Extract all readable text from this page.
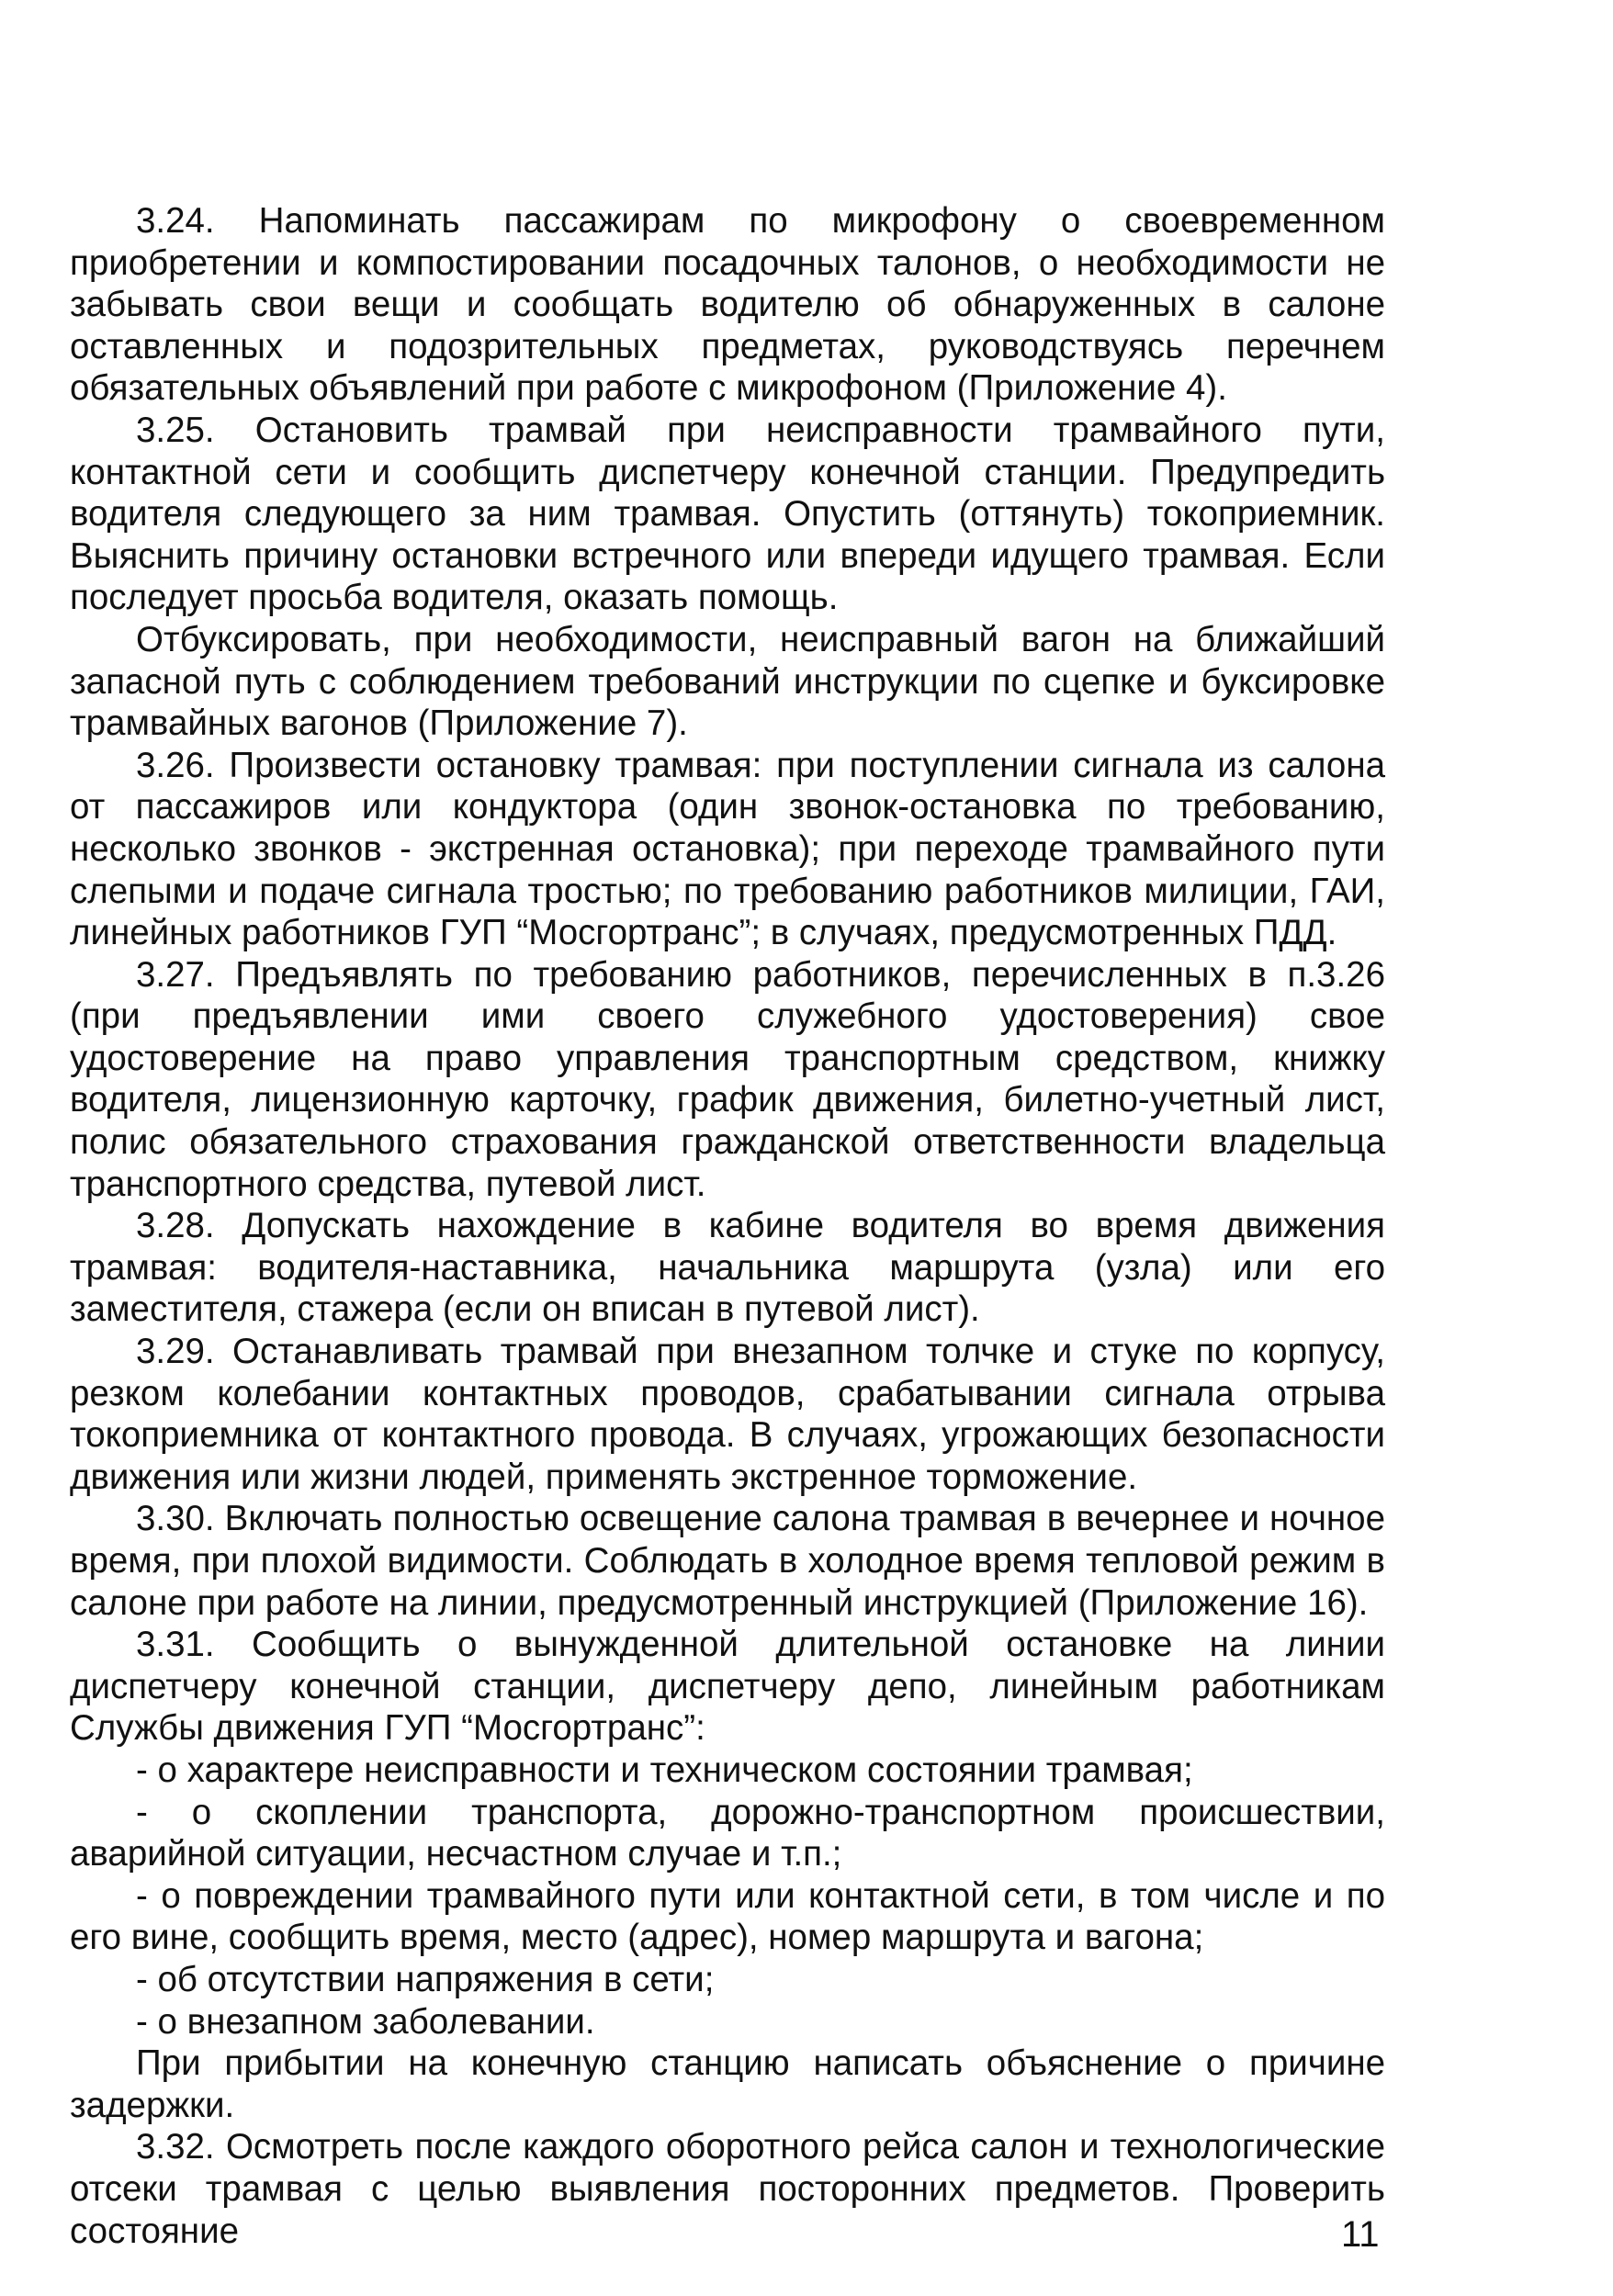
3.24. Напоминать пассажирам по микрофону о своевременном приобретении и компостировании посадочных талонов, о необходимости не забывать свои вещи и сообщать водителю об обнаруженных в салоне оставленных и подозрительных предметах, руководствуясь перечнем обязательных объявлений при работе с микрофоном (Приложение 4).

3.25. Остановить трамвай при неисправности трамвайного пути, контактной сети и сообщить диспетчеру конечной станции. Предупредить водителя следующего за ним трамвая. Опустить (оттянуть) токоприемник. Выяснить причину остановки встречного или впереди идущего трамвая. Если последует просьба водителя, оказать помощь.

Отбуксировать, при необходимости, неисправный вагон на ближайший запасной путь с соблюдением требований инструкции по сцепке и буксировке трамвайных вагонов (Приложение 7).

3.26. Произвести остановку трамвая: при поступлении сигнала из салона от пассажиров или кондуктора (один звонок-остановка по требованию, несколько звонков - экстренная остановка); при переходе трамвайного пути слепыми и подаче сигнала тростью; по требованию работников милиции, ГАИ, линейных работников ГУП “Мосгортранс”; в случаях, предусмотренных ПДД.

3.27. Предъявлять по требованию работников, перечисленных в п.3.26 (при предъявлении ими своего служебного удостоверения) свое удостоверение на право управления транспортным средством, книжку водителя, лицензионную карточку, график движения, билетно-учетный лист, полис обязательного страхования гражданской ответственности владельца транспортного средства, путевой лист.

3.28. Допускать нахождение в кабине водителя во время движения трамвая: водителя-наставника, начальника маршрута (узла) или его заместителя, стажера (если он вписан в путевой лист).

3.29. Останавливать трамвай при внезапном толчке и стуке по корпусу, резком колебании контактных проводов, срабатывании сигнала отрыва токоприемника от контактного провода. В случаях, угрожающих безопасности движения или жизни людей, применять экстренное торможение.

3.30. Включать полностью освещение салона трамвая в вечернее и ночное время, при плохой видимости. Соблюдать в холодное время тепловой режим в салоне при работе на линии, предусмотренный инструкцией (Приложение 16).

3.31. Сообщить о вынужденной длительной остановке на линии диспетчеру конечной станции, диспетчеру депо, линейным работникам Службы движения ГУП “Мосгортранс”:

- о характере неисправности и техническом состоянии трамвая;

- о скоплении транспорта, дорожно-транспортном происшествии, аварийной ситуации, несчастном случае и т.п.;

- о повреждении трамвайного пути или контактной сети, в том числе и по его вине, сообщить время, место (адрес), номер маршрута и вагона;

- об отсутствии напряжения в сети;

- о внезапном заболевании.

При прибытии на конечную станцию написать объяснение о причине задержки.

3.32. Осмотреть после каждого оборотного рейса салон и технологические отсеки трамвая с целью выявления посторонних предметов. Проверить состояние	11
